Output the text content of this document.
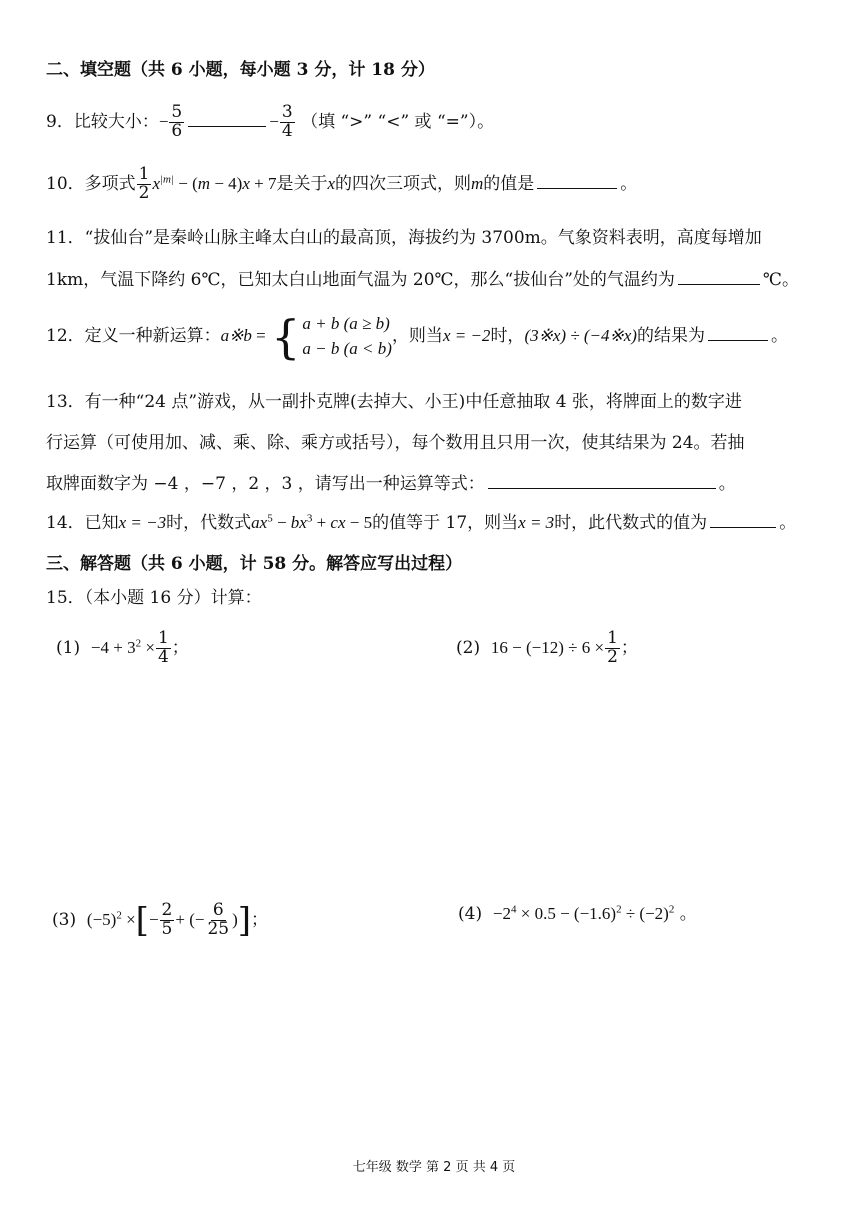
二、填空题（共 6 小题，每小题 3 分，计 18 分）
9．比较大小：− $\frac{5}{6}$	− $\frac{3}{4}$ （填 “>” “<” 或 “=”）。
10．多项式 $\frac{1}{2} x^{|m|} - (m - 4)x + 7$是关于x的四次三项式，则m的值是	。
11．“拔仙台”是秦岭山脉主峰太白山的最高顶，海拔约为 3700m。气象资料表明，高度每增加
1km，气温下降约 6℃，已知太白山地面气温为 20℃，那么“拔仙台”处的气温约为	℃。
12．定义一种新运算：a※b = { a + b (a ≥ b)
a − b (a < b)
，则当x = −2时，(3※x) ÷ (−4※x)的结果为	。
13．有一种“24 点”游戏，从一副扑克牌(去掉大、小王)中任意抽取 4 张，将牌面上的数字进
行运算（可使用加、减、乘、除、乘方或括号），每个数用且只用一次，使其结果为 24。若抽
取牌面数字为 −4 ，−7 ，2 ，3 ，请写出一种运算等式：	。
14．已知x = −3时，代数式$ax^5 - bx^3$ + cx − 5的值等于 17，则当x = 3时，此代数式的值为	。
三、解答题（共 6 小题，计 58 分。解答应写出过程）
15．（本小题 16 分）计算：
$(1) -4 + 3^2 \times \frac{1}{4}$ ；	(2) $16 - (-12) \div 6 \times \frac{1}{2}$ ；
(3) $(-5)^2$ ×[− $\frac{2}{5}$ + (− $\frac{6}{25}$ )]；	$(4) -2^4 \times 0.5 - (-1.6)^2 \div (-2)^2$ 。
七年级 数学 第 2 页 共 4 页
